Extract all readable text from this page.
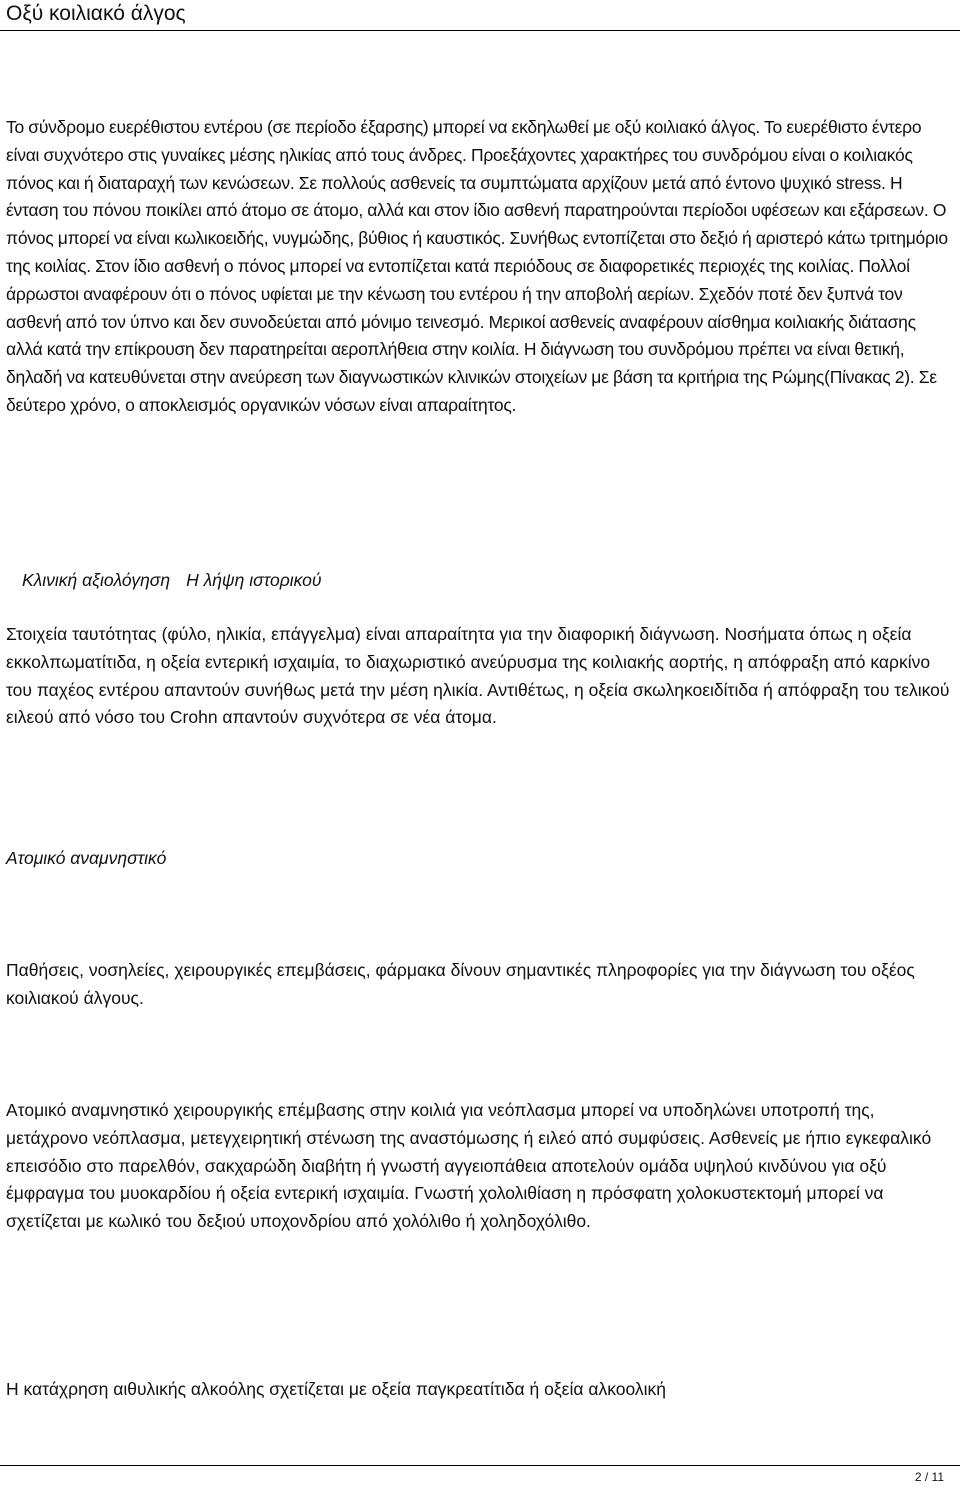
Οξύ κοιλιακό άλγος

Το σύνδρομο ευερέθιστου εντέρου (σε περίοδο έξαρσης) μπορεί να εκδηλωθεί με οξύ κοιλιακό άλγος. Το ευερέθιστο έντερο είναι συχνότερο στις γυναίκες μέσης ηλικίας από τους άνδρες. Προεξάχοντες χαρακτήρες του συνδρόμου είναι ο κοιλιακός πόνος και ή διαταραχή των κενώσεων. Σε πολλούς ασθενείς τα συμπτώματα αρχίζουν μετά από έντονο ψυχικό stress. Η ένταση του πόνου ποικίλει από άτομο σε άτομο, αλλά και στον ίδιο ασθενή παρατηρούνται περίοδοι υφέσεων και εξάρσεων. Ο πόνος μπορεί να είναι κωλικοειδής, νυγμώδης, βύθιος ή καυστικός. Συνήθως εντοπίζεται στο δεξιό ή αριστερό κάτω τριτημόριο της κοιλίας. Στον ίδιο ασθενή ο πόνος μπορεί να εντοπίζεται κατά περιόδους σε διαφορετικές περιοχές της κοιλίας. Πολλοί άρρωστοι αναφέρουν ότι ο πόνος υφίεται με την κένωση του εντέρου ή την αποβολή αερίων. Σχεδόν ποτέ δεν ξυπνά τον ασθενή από τον ύπνο και δεν συνοδεύεται από μόνιμο τεινεσμό. Μερικοί ασθενείς αναφέρουν αίσθημα κοιλιακής διάτασης αλλά κατά την επίκρουση δεν παρατηρείται αεροπλήθεια στην κοιλία. Η διάγνωση του συνδρόμου πρέπει να είναι θετική, δηλαδή να κατευθύνεται στην ανεύρεση των διαγνωστικών κλινικών στοιχείων με βάση τα κριτήρια της Ρώμης(Πίνακας 2). Σε δεύτερο χρόνο, ο αποκλεισμός οργανικών νόσων είναι απαραίτητος.

Κλινική αξιολόγηση Η λήψη ιστορικού

Στοιχεία ταυτότητας (φύλο, ηλικία, επάγγελμα) είναι απαραίτητα για την διαφορική διάγνωση. Νοσήματα όπως η οξεία εκκολπωματίτιδα, η οξεία εντερική ισχαιμία, το διαχωριστικό ανεύρυσμα της κοιλιακής αορτής, η απόφραξη από καρκίνο του παχέος εντέρου απαντούν συνήθως μετά την μέση ηλικία. Αντιθέτως, η οξεία σκωληκοειδίτιδα ή απόφραξη του τελικού ειλεού από νόσο του Crohn απαντούν συχνότερα σε νέα άτομα.

Ατομικό αναμνηστικό

Παθήσεις, νοσηλείες, χειρουργικές επεμβάσεις, φάρμακα δίνουν σημαντικές πληροφορίες για την διάγνωση του οξέος κοιλιακού άλγους.

Ατομικό αναμνηστικό χειρουργικής επέμβασης στην κοιλιά για νεόπλασμα μπορεί να υποδηλώνει υποτροπή της, μετάχρονο νεόπλασμα, μετεγχειρητική στένωση της αναστόμωσης ή ειλεό από συμφύσεις. Ασθενείς με ήπιο εγκεφαλικό επεισόδιο στο παρελθόν, σακχαρώδη διαβήτη ή γνωστή αγγειοπάθεια αποτελούν ομάδα υψηλού κινδύνου για οξύ έμφραγμα του μυοκαρδίου ή οξεία εντερική ισχαιμία. Γνωστή χολολιθίαση η πρόσφατη χολοκυστεκτομή μπορεί να σχετίζεται με κωλικό του δεξιού υποχονδρίου από χολόλιθο ή χοληδοχόλιθο.

Η κατάχρηση αιθυλικής αλκοόλης σχετίζεται με οξεία παγκρεατίτιδα ή οξεία αλκοολική

2 / 11
